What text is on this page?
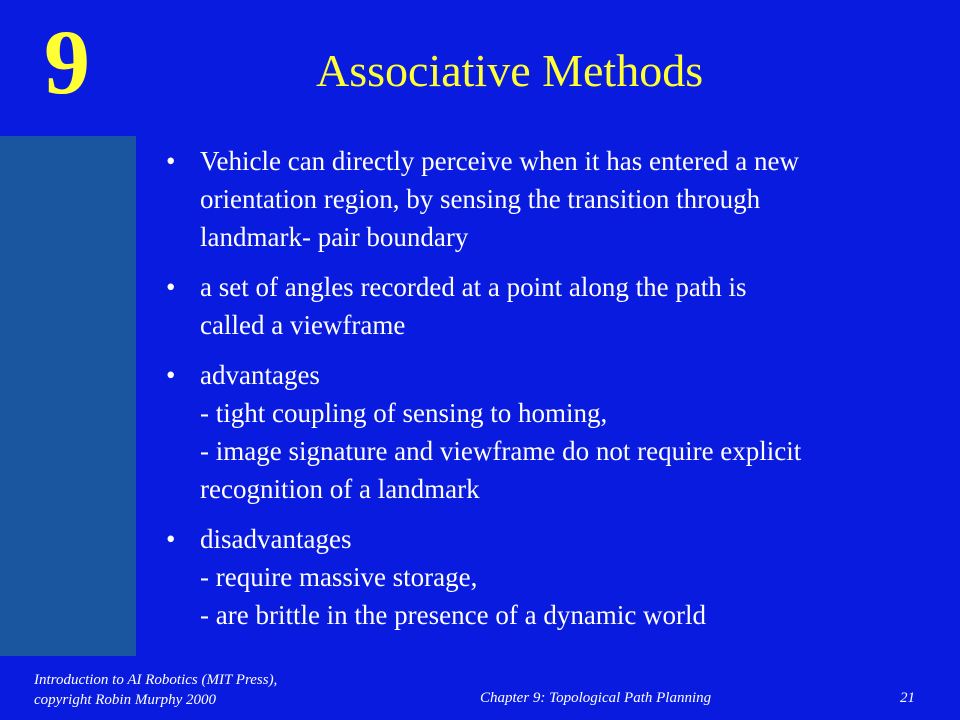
9	Associative Methods
• Vehicle can directly perceive when it has entered a new
orientation region, by sensing the transition through
landmark- pair boundary
• a set of angles recorded at a point along the path is
called a viewframe
• advantages
- tight coupling of sensing to homing,
- image signature and viewframe do not require explicit
recognition of a landmark
• disadvantages
- require massive storage,
- are brittle in the presence of a dynamic world
Introduction to AI Robotics (MIT Press),
copyright Robin Murphy 2000	Chapter 9: Topological Path Planning	21
